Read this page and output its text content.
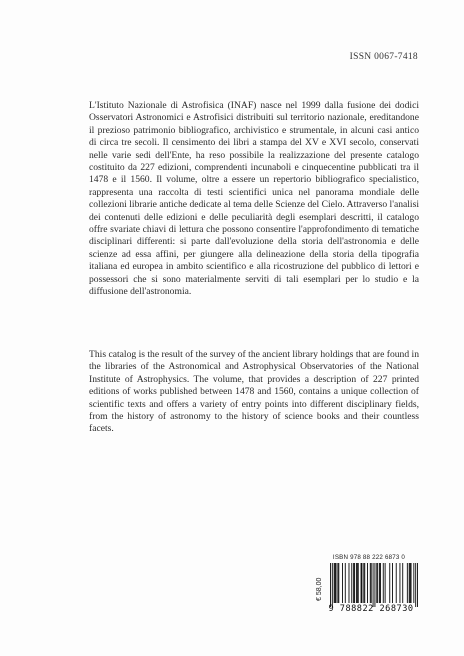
ISSN 0067-7418

L'Istituto Nazionale di Astrofisica (INAF) nasce nel 1999 dalla fusione dei dodici Osservatori Astronomici e Astrofisici distribuiti sul territorio nazionale, ereditandone il prezioso patrimonio bibliografico, archivistico e strumentale, in alcuni casi antico di circa tre secoli. Il censimento dei libri a stampa del XV e XVI secolo, conservati nelle varie sedi dell'Ente, ha reso possibile la realizzazione del presente catalogo costituito da 227 edizioni, comprendenti incunaboli e cinquecentine pubblicati tra il 1478 e il 1560. Il volume, oltre a essere un repertorio bibliografico specialistico, rappresenta una raccolta di testi scientifici unica nel panorama mondiale delle collezioni librarie antiche dedicate al tema delle Scienze del Cielo. Attraverso l'analisi dei contenuti delle edizioni e delle peculiarità degli esemplari descritti, il catalogo offre svariate chiavi di lettura che possono consentire l'approfondimento di tematiche disciplinari differenti: si parte dall'evoluzione della storia dell'astronomia e delle scienze ad essa affini, per giungere alla delineazione della storia della tipografia italiana ed europea in ambito scientifico e alla ricostruzione del pubblico di lettori e possessori che si sono materialmente serviti di tali esemplari per lo studio e la diffusione dell'astronomia.

This catalog is the result of the survey of the ancient library holdings that are found in the libraries of the Astronomical and Astrophysical Observatories of the National Institute of Astrophysics. The volume, that provides a description of 227 printed editions of works published between 1478 and 1560, contains a unique collection of scientific texts and offers a variety of entry points into different disciplinary fields, from the history of astronomy to the history of science books and their countless facets.

ISBN 978 88 222 6873 0
€ 58,00
9 788822 268730
